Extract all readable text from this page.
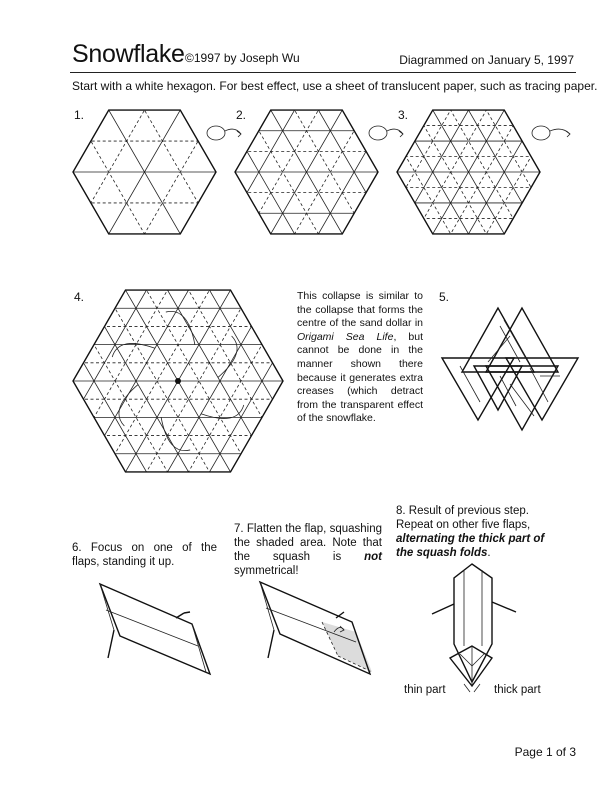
Snowflake ©1997 by Joseph Wu	Diagrammed on January 5, 1997
Start with a white hexagon. For best effect, use a sheet of translucent paper, such as tracing paper.
1.	2.	3.
4.	5.
This collapse is similar to the collapse that forms the centre of the sand dollar in Origami Sea Life, but cannot be done in the manner shown there because it generates extra creases (which detract from the transparent effect of the snowflake.
6. Focus on one of the flaps, standing it up.
7. Flatten the flap, squashing the shaded area. Note that the squash is not symmetrical!
8. Result of previous step. Repeat on other five flaps, alternating the thick part of the squash folds.
thin part	thick part
Page 1 of 3
